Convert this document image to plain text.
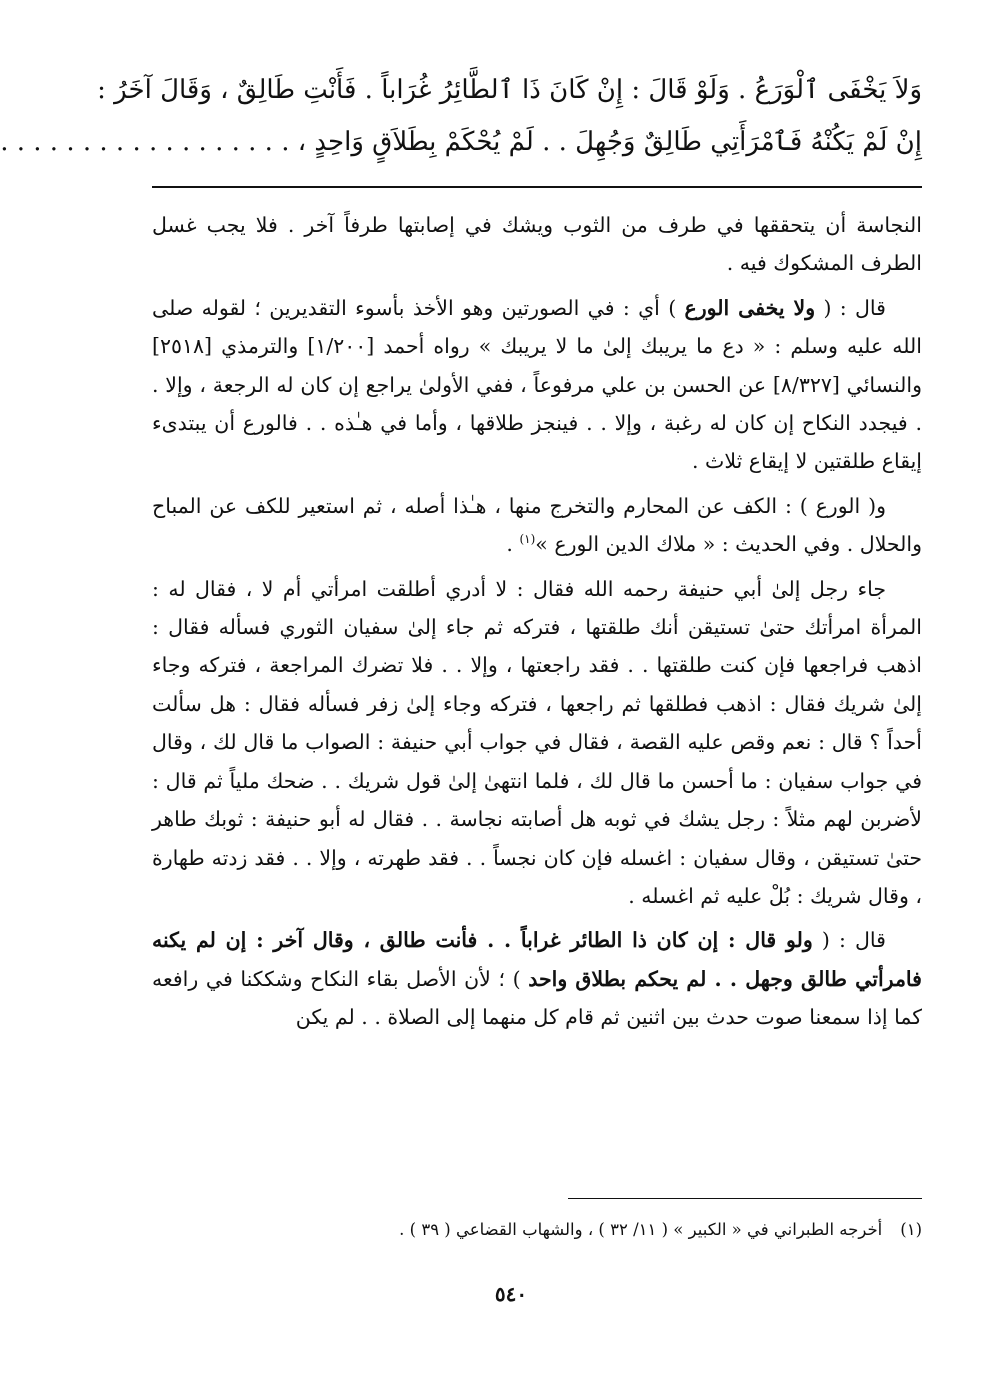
وَلاَ يَخْفَى ٱلْوَرَعُ . وَلَوْ قَالَ : إِنْ كَانَ ذَا ٱلطَّائِرُ غُرَاباً . فَأَنْتِ طَالِقٌ ، وَقَالَ آخَرُ :
إِنْ لَمْ يَكُنْهُ فَٱمْرَأَتِي طَالِقٌ وَجُهِلَ . . لَمْ يُحْكَمْ بِطَلاَقٍ وَاحِدٍ ، . . . . . . . . . . . . . . . . . .

النجاسة أن يتحققها في طرف من الثوب ويشك في إصابتها طرفاً آخر . فلا يجب غسل الطرف المشكوك فيه .

قال : ( ولا يخفى الورع ) أي : في الصورتين وهو الأخذ بأسوء التقديرين ؛ لقوله صلى الله عليه وسلم : « دع ما يريبك إلىٰ ما لا يريبك » رواه أحمد [١/٢٠٠] والترمذي [٢٥١٨] والنسائي [٨/٣٢٧] عن الحسن بن علي مرفوعاً ، ففي الأولىٰ يراجع إن كان له الرجعة ، وإلا . . فيجدد النكاح إن كان له رغبة ، وإلا . . فينجز طلاقها ، وأما في هـٰذه . . فالورع أن يبتدىء إيقاع طلقتين لا إيقاع ثلاث .

و( الورع ) : الكف عن المحارم والتخرج منها ، هـٰذا أصله ، ثم استعير للكف عن المباح والحلال . وفي الحديث : « ملاك الدين الورع »$^{(١)}$ .

جاء رجل إلىٰ أبي حنيفة رحمه الله فقال : لا أدري أطلقت امرأتي أم لا ، فقال له : المرأة امرأتك حتىٰ تستيقن أنك طلقتها ، فتركه ثم جاء إلىٰ سفيان الثوري فسأله فقال : اذهب فراجعها فإن كنت طلقتها . . فقد راجعتها ، وإلا . . فلا تضرك المراجعة ، فتركه وجاء إلىٰ شريك فقال : اذهب فطلقها ثم راجعها ، فتركه وجاء إلىٰ زفر فسأله فقال : هل سألت أحداً ؟ قال : نعم وقص عليه القصة ، فقال في جواب أبي حنيفة : الصواب ما قال لك ، وقال في جواب سفيان : ما أحسن ما قال لك ، فلما انتهىٰ إلىٰ قول شريك . . ضحك ملياً ثم قال : لأضربن لهم مثلاً : رجل يشك في ثوبه هل أصابته نجاسة . . فقال له أبو حنيفة : ثوبك طاهر حتىٰ تستيقن ، وقال سفيان : اغسله فإن كان نجساً . . فقد طهرته ، وإلا . . فقد زدته طهارة ، وقال شريك : بُلْ عليه ثم اغسله .

قال : ( ولو قال : إن كان ذا الطائر غراباً . . فأنت طالق ، وقال آخر : إن لم يكنه فامرأتي طالق وجهل . . لم يحكم بطلاق واحد ) ؛ لأن الأصل بقاء النكاح وشككنا في رافعه كما إذا سمعنا صوت حدث بين اثنين ثم قام كل منهما إلى الصلاة . . لم يكن

(١)أخرجه الطبراني في « الكبير » ( ١١/ ٣٢ ) ، والشهاب القضاعي ( ٣٩ ) .
٥٤٠
